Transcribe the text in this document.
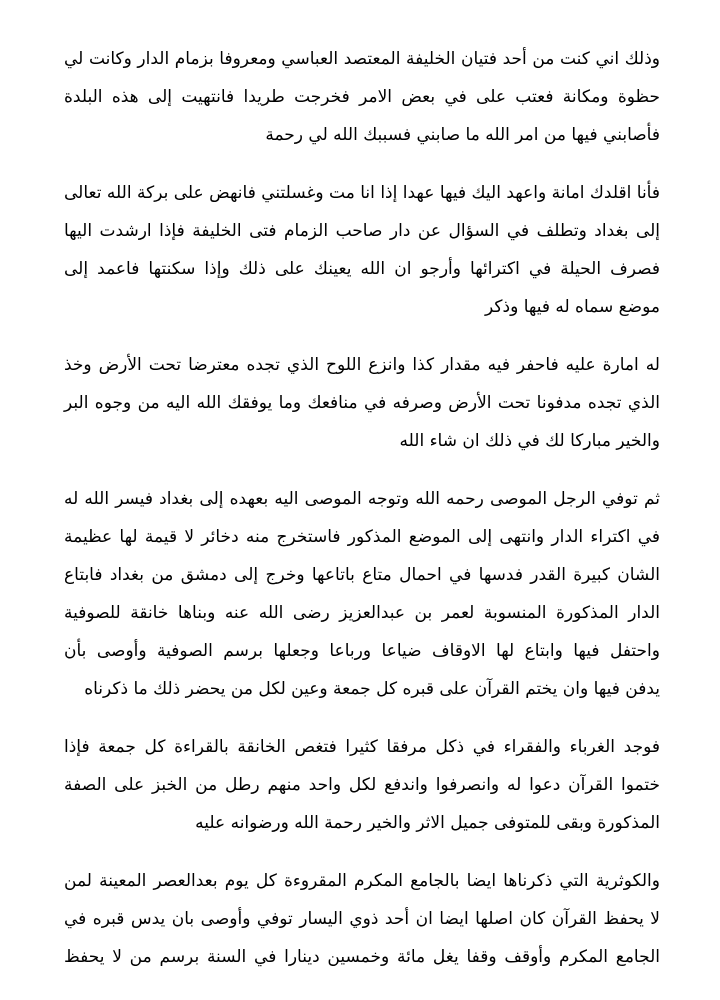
وذلك اني كنت من أحد فتيان الخليفة المعتصد العباسي ومعروفا بزمام الدار وكانت لي
حظوة ومكانة فعتب على في بعض الامر فخرجت طريدا فانتهيت إلى هذه البلدة
فأصابني فيها من امر الله ما صابني فسببك الله لي رحمة
فأنا اقلدك امانة واعهد اليك فيها عهدا إذا انا مت وغسلتني فانهض على بركة الله تعالى
إلى بغداد وتطلف في السؤال عن دار صاحب الزمام فتى الخليفة فإذا ارشدت اليها
فصرف الحيلة في اكترائها وأرجو ان الله يعينك على ذلك وإذا سكنتها فاعمد إلى
موضع سماه له فيها وذكر
له امارة عليه فاحفر فيه مقدار كذا وانزع اللوح الذي تجده معترضا تحت الأرض وخذ
الذي تجده مدفونا تحت الأرض وصرفه في منافعك وما يوفقك الله اليه من وجوه البر
والخير مباركا لك في ذلك ان شاء الله
ثم توفي الرجل الموصى رحمه الله وتوجه الموصى اليه بعهده إلى بغداد فيسر الله له
في اكتراء الدار وانتهى إلى الموضع المذكور فاستخرج منه دخائر لا قيمة لها عظيمة
الشان كبيرة القدر فدسها في احمال متاع باتاعها وخرج إلى دمشق من بغداد فابتاع
الدار المذكورة المنسوبة لعمر بن عبدالعزيز رضى الله عنه وبناها خانقة للصوفية
واحتفل فيها وابتاع لها الاوقاف ضياعا ورباعا وجعلها برسم الصوفية وأوصى بأن
يدفن فيها وان يختم القرآن على قبره كل جمعة وعين لكل من يحضر ذلك ما ذكرناه
فوجد الغرباء والفقراء في ذكل مرفقا كثيرا فتغص الخانقة بالقراءة كل جمعة فإذا
ختموا القرآن دعوا له وانصرفوا واندفع لكل واحد منهم رطل من الخبز على الصفة
المذكورة وبقى للمتوفى جميل الاثر والخير رحمة الله ورضوانه عليه
والكوثرية التي ذكرناها ايضا بالجامع المكرم المقروءة كل يوم بعدالعصر المعينة لمن
لا يحفظ القرآن كان اصلها ايضا ان أحد ذوي اليسار توفي وأوصى بان يدس قبره في
الجامع المكرم وأوقف وقفا يغل مائة وخمسين دينارا في السنة برسم من لا يحفظ
